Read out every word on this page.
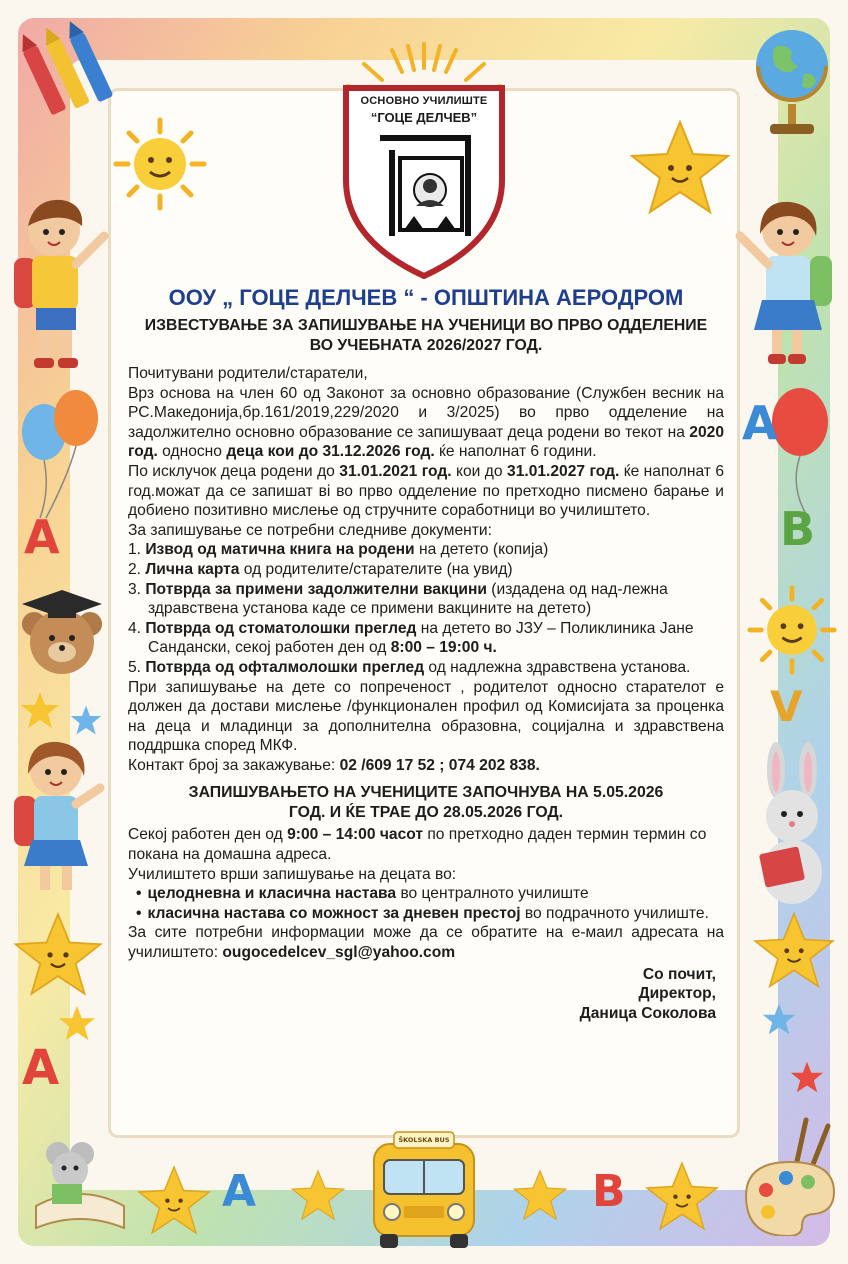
A
A
B
V
A
A	B
ŠKOLSKA BUS
ОСНОВНО УЧИЛИШТЕ
“ГОЦЕ ДЕЛЧЕВ”
ООУ „ ГОЦЕ ДЕЛЧЕВ “ - ОПШТИНА АЕРОДРОМ
ИЗВЕСТУВАЊЕ ЗА ЗАПИШУВАЊЕ НА УЧЕНИЦИ ВО ПРВО ОДДЕЛЕНИЕ
ВО УЧЕБНАТА 2026/2027 ГОД.

Почитувани родители/старатели,

Врз основа на член 60 од Законот за основно образование (Службен весник на РС.Македонија,бр.161/2019,229/2020 и 3/2025) во прво одделение на задолжително основно образование се запишуваат деца родени во текот на 2020 год. односно деца кои до 31.12.2026 год. ќе наполнат 6 години.

По исклучок деца родени до 31.01.2021 год. кои до 31.01.2027 год. ќе наполнат 6 год.можат да се запишат вi во прво одделение по претходно писмено барање и добиено позитивно мислење од стручните соработници во училиштето.

За запишување се потребни следниве документи:

1. Извод од матична книга на родени на детето (копија)
2. Лична карта од родителите/старателите (на увид)
3. Потврда за примени задолжителни вакцини (издадена од над-лежна здравствена установа каде се примени вакцините на детето)
4. Потврда од стоматолошки преглед на детето во ЈЗУ – Поликлиника Јане Сандански, секој работен ден од 8:00 – 19:00 ч.
5. Потврда од офталмолошки преглед од надлежна здравствена установа.

При запишување на дете со попреченост , родителот односно старателот е должен да достави мислење /функционален профил од Комисијата за проценка на деца и младинци за дополнителна образовна, социјална и здравствена поддршка според МКФ.

Контакт број за закажување: 02 /609 17 52 ; 074 202 838.

ЗАПИШУВАЊЕТО НА УЧЕНИЦИТЕ ЗАПОЧНУВА НА 5.05.2026
ГОД. И ЌЕ ТРАЕ ДО 28.05.2026 ГОД.

Секој работен ден од 9:00 – 14:00 часот по претходно даден термин термин со покана на домашна адреса.

Училиштето врши запишување на децата во:

• целодневна и класична настава во централното училиште
• класична настава со можност за дневен престој во подрачното училиште.

За сите потребни информации може да се обратите на е-маил адресата на училиштето: ougocedelcev_sgl@yahoo.com

Со почит,
Директор,
Даница Соколова
